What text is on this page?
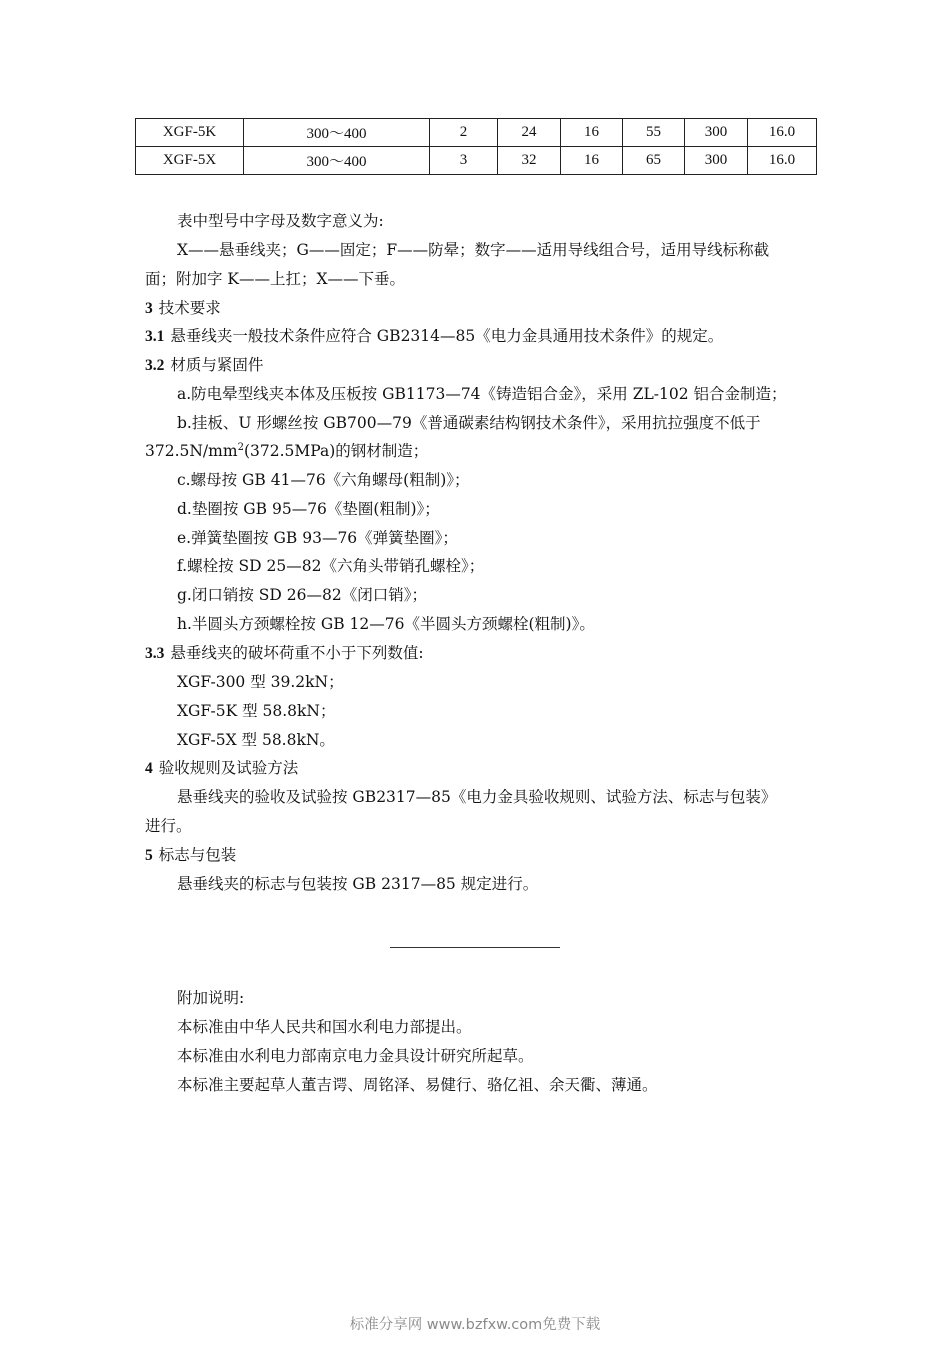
XGF-5K	300～400	2	24	16	55	300	16.0
XGF-5X	300～400	3	32	16	65	300	16.0
表中型号中字母及数字意义为:
X——悬垂线夹；G——固定；F——防晕；数字——适用导线组合号，适用导线标称截
面；附加字 K——上扛；X——下垂。
3 技术要求
3.1 悬垂线夹一般技术条件应符合 GB2314—85《电力金具通用技术条件》的规定。
3.2 材质与紧固件
a.防电晕型线夹本体及压板按 GB1173—74《铸造铝合金》，采用 ZL-102 铝合金制造；
b.挂板、U 形螺丝按 GB700—79《普通碳素结构钢技术条件》，采用抗拉强度不低于
$372.5N/mm^2(372.5MPa)$的钢材制造；
c.螺母按 GB 41—76《六角螺母(粗制)》；
d.垫圈按 GB 95—76《垫圈(粗制)》；
e.弹簧垫圈按 GB 93—76《弹簧垫圈》；
f.螺栓按 SD 25—82《六角头带销孔螺栓》；
g.闭口销按 SD 26—82《闭口销》；
h.半圆头方颈螺栓按 GB 12—76《半圆头方颈螺栓(粗制)》。
3.3 悬垂线夹的破坏荷重不小于下列数值:
XGF-300 型 39.2kN；
XGF-5K 型 58.8kN；
XGF-5X 型 58.8kN。
4 验收规则及试验方法
悬垂线夹的验收及试验按 GB2317—85《电力金具验收规则、试验方法、标志与包装》
进行。
5 标志与包装
悬垂线夹的标志与包装按 GB 2317—85 规定进行。
附加说明:
本标准由中华人民共和国水利电力部提出。
本标准由水利电力部南京电力金具设计研究所起草。
本标准主要起草人董吉谔、周铭泽、易健行、骆亿祖、余天衢、薄通。
标准分享网 www.bzfxw.com免费下载
